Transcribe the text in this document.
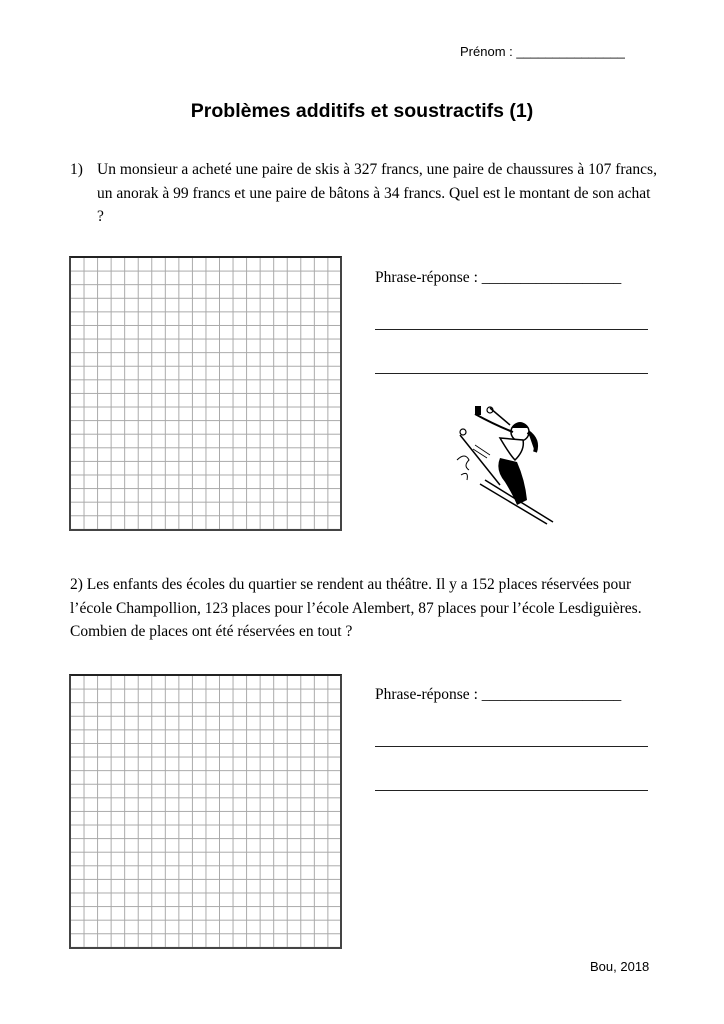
Prénom : _______________
Problèmes additifs et soustractifs (1)
1) Un monsieur a acheté une paire de skis à 327 francs, une paire de chaussures à 107 francs, un anorak à 99 francs et une paire de bâtons à 34 francs. Quel est le montant de son achat ?
Phrase-réponse : __________________
2) Les enfants des écoles du quartier se rendent au théâtre. Il y a 152 places réservées pour l’école Champollion, 123 places pour l’école Alembert, 87 places pour l’école Lesdiguières. Combien de places ont été réservées en tout ?
Phrase-réponse : __________________
Bou, 2018
